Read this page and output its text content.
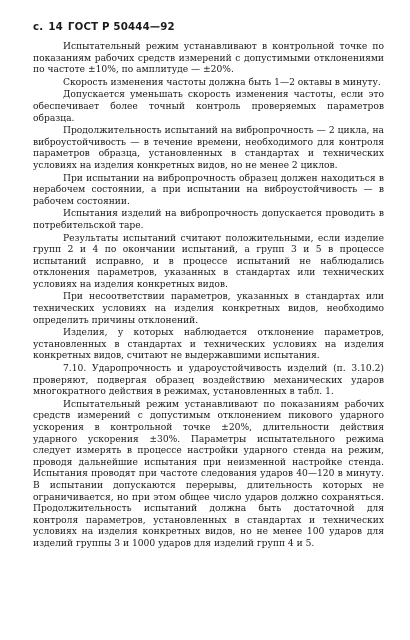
с. 14 ГОСТ Р 50444—92

Испытательный режим устанавливают в контрольной точке по показаниям рабочих средств измерений с допустимыми отклонениями по частоте ±10%, по амплитуде — ±20%.

Скорость изменения частоты должна быть 1—2 октавы в минуту.

Допускается уменьшать скорость изменения частоты, если это обеспечивает более точный контроль проверяемых параметров образца.

Продолжительность испытаний на вибропрочность — 2 цикла, на виброустойчивость — в течение времени, необходимого для контроля параметров образца, установленных в стандартах и технических условиях на изделия конкретных видов, но не менее 2 циклов.

При испытании на вибропрочность образец должен находиться в нерабочем состоянии, а при испытании на виброустойчивость — в рабочем состоянии.

Испытания изделий на вибропрочность допускается проводить в потребительской таре.

Результаты испытаний считают положительными, если изделие групп 2 и 4 по окончании испытаний, а групп 3 и 5 в процессе испытаний исправно, и в процессе испытаний не наблюдались отклонения параметров, указанных в стандартах или технических условиях на изделия конкретных видов.

При несоответствии параметров, указанных в стандартах или технических условиях на изделия конкретных видов, необходимо определить причины отклонений.

Изделия, у которых наблюдается отклонение параметров, установленных в стандартах и технических условиях на изделия конкретных видов, считают не выдержавшими испытания.

7.10. Ударопрочность и удароустойчивость изделий (п. 3.10.2) проверяют, подвергая образец воздействию механических ударов многократного действия в режимах, установленных в табл. 1.

Испытательный режим устанавливают по показаниям рабочих средств измерений с допустимым отклонением пикового ударного ускорения в контрольной точке ±20%, длительности действия ударного ускорения ±30%. Параметры испытательного режима следует измерять в процессе настройки ударного стенда на режим, проводя дальнейшие испытания при неизменной настройке стенда. Испытания проводят при частоте следования ударов 40—120 в минуту. В испытании допускаются перерывы, длительность которых не ограничивается, но при этом общее число ударов должно сохраняться. Продолжительность испытаний должна быть достаточной для контроля параметров, установленных в стандартах и технических условиях на изделия конкретных видов, но не менее 100 ударов для изделий группы 3 и 1000 ударов для изделий групп 4 и 5.
